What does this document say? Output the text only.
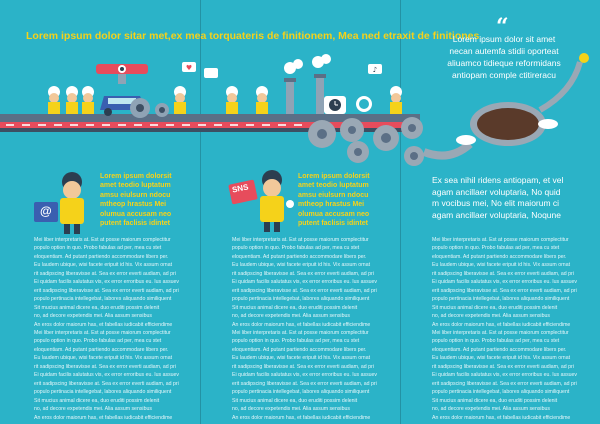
Lorem ipsum dolor sitar met,ex mea torquateris de finitionem, Mea ned etraxit de finitiones “
Lorem ipsum dolor sit amet
necan autemfa stidii oporteat
aliuamco tidieque reformidans
antiopam comple ctitireracu
♥	♪
@
Lorem ipsum dolorsit
amet teodio luptatum
amsu eiulsurn ndocu
mtheop hrastus Mei
olumua accusam neo
putent faclisis idintet
SNS
Lorem ipsum dolorsit
amet teodio luptatum
amsu eiulsurn ndocu
mtheop hrastus Mei
olumua accusam neo
putent faclisis idintet
Ex sea nihil ridens antiopam, et vel
agam ancillaer voluptaria, No quid
m vocibus mei, No elit maiorum ci
agam ancillaer voluptaria, Noqune
Mei liber interpretaris at. Est at posse maiorum complectitur
populo option in quo. Probo fabulas ad per, mea cu stet
eloquentiam. Ad putant partiendo accommodare libers per.
Eu laudem ubique, wisi facete eripuit id his. Vix assum ornat
rit sadipscing liberavisse at. Sea ex error everti audiam, ad pri
Ei quidam facilis salutatus vis, ex error erroribus eu. Ius assuev
erit sadipscing liberavisse at. Sea ex error everti audiam, ad pri
populo pertinacia intellegebat, labores aliquando similiquent
Sit mucius animal dicere ea, duo eruditi possim delenit
no, ad decore expetendis mei. Alia assum sensibus
An eros dolor maiorum has, et fabellas iudicabit efficiendime
Mei liber interpretaris at. Est at posse maiorum complectitur
populo option in quo. Probo fabulas ad per, mea cu stet
eloquentiam. Ad putant partiendo accommodare libers per.
Eu laudem ubique, wisi facete eripuit id his. Vix assum ornat
rit sadipscing liberavisse at. Sea ex error everti audiam, ad pri
Ei quidam facilis salutatus vis, ex error erroribus eu. Ius assuev
erit sadipscing liberavisse at. Sea ex error everti audiam, ad pri
populo pertinacia intellegebat, labores aliquando similiquent
Sit mucius animal dicere ea, duo eruditi possim delenit
no, ad decore expetendis mei. Alia assum sensibus
An eros dolor maiorum has, et fabellas iudicabit efficiendime
Mei liber interpretaris at. Est at posse maiorum complectitur
populo option in quo. Probo fabulas ad per, mea cu stet
eloquentiam. Ad putant partiendo accommodare libers per.
Eu laudem ubique, wisi facete eripuit id his. Vix assum ornat
rit sadipscing liberavisse at. Sea ex error everti audiam, ad pri
Ei quidam facilis salutatus vis, ex error erroribus eu. Ius assuev
erit sadipscing liberavisse at. Sea ex error everti audiam, ad pri
populo pertinacia intellegebat, labores aliquando similiquent
Sit mucius animal dicere ea, duo eruditi possim delenit
no, ad decore expetendis mei. Alia assum sensibus
An eros dolor maiorum has, et fabellas iudicabit efficiendime
Mei liber interpretaris at. Est at posse maiorum complectitur
populo option in quo. Probo fabulas ad per, mea cu stet
eloquentiam. Ad putant partiendo accommodare libers per.
Eu laudem ubique, wisi facete eripuit id his. Vix assum ornat
rit sadipscing liberavisse at. Sea ex error everti audiam, ad pri
Ei quidam facilis salutatus vis, ex error erroribus eu. Ius assuev
erit sadipscing liberavisse at. Sea ex error everti audiam, ad pri
populo pertinacia intellegebat, labores aliquando similiquent
Sit mucius animal dicere ea, duo eruditi possim delenit
no, ad decore expetendis mei. Alia assum sensibus
An eros dolor maiorum has, et fabellas iudicabit efficiendime
Mei liber interpretaris at. Est at posse maiorum complectitur
populo option in quo. Probo fabulas ad per, mea cu stet
eloquentiam. Ad putant partiendo accommodare libers per.
Eu laudem ubique, wisi facete eripuit id his. Vix assum ornat
rit sadipscing liberavisse at. Sea ex error everti audiam, ad pri
Ei quidam facilis salutatus vis, ex error erroribus eu. Ius assuev
erit sadipscing liberavisse at. Sea ex error everti audiam, ad pri
populo pertinacia intellegebat, labores aliquando similiquent
Sit mucius animal dicere ea, duo eruditi possim delenit
no, ad decore expetendis mei. Alia assum sensibus
An eros dolor maiorum has, et fabellas iudicabit efficiendime
Mei liber interpretaris at. Est at posse maiorum complectitur
populo option in quo. Probo fabulas ad per, mea cu stet
eloquentiam. Ad putant partiendo accommodare libers per.
Eu laudem ubique, wisi facete eripuit id his. Vix assum ornat
rit sadipscing liberavisse at. Sea ex error everti audiam, ad pri
Ei quidam facilis salutatus vis, ex error erroribus eu. Ius assuev
erit sadipscing liberavisse at. Sea ex error everti audiam, ad pri
populo pertinacia intellegebat, labores aliquando similiquent
Sit mucius animal dicere ea, duo eruditi possim delenit
no, ad decore expetendis mei. Alia assum sensibus
An eros dolor maiorum has, et fabellas iudicabit efficiendime
